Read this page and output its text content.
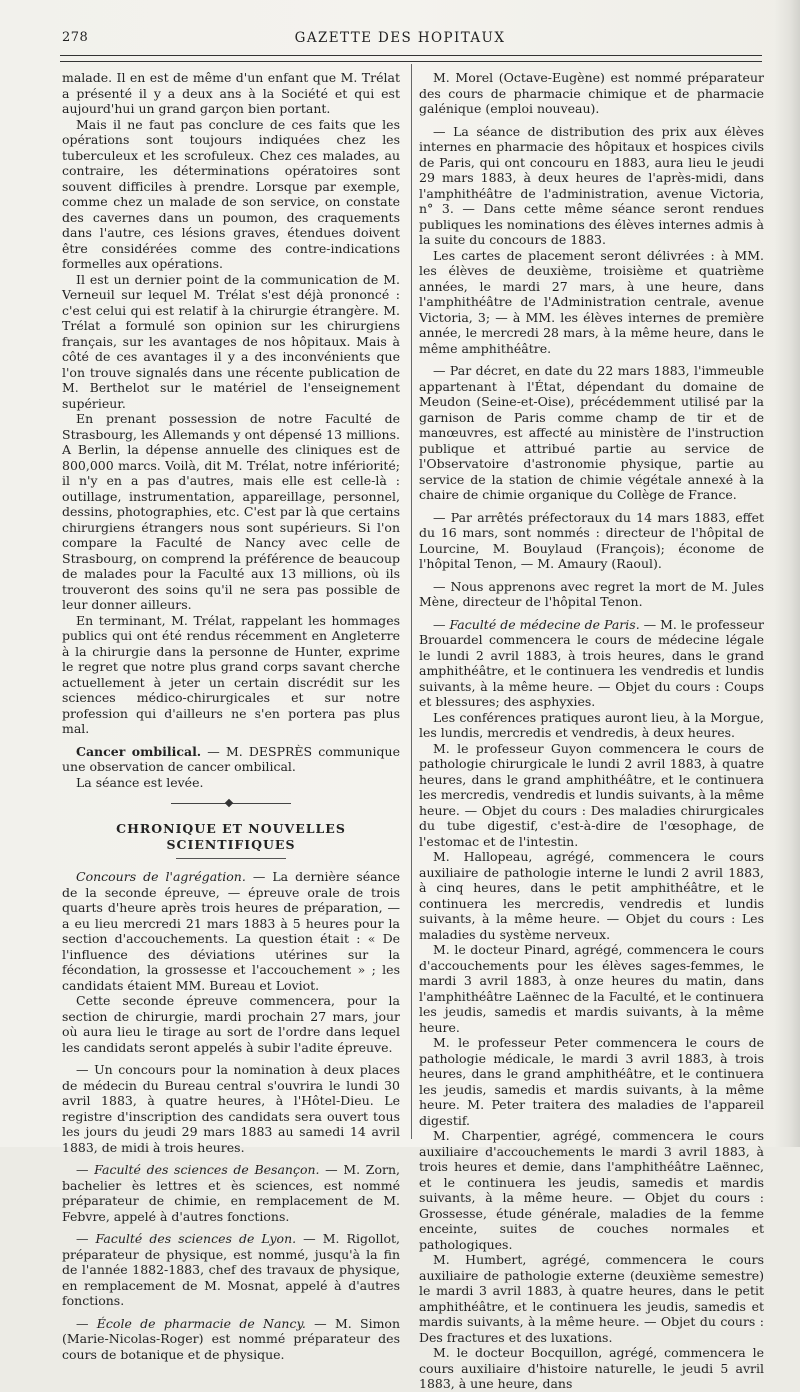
278	GAZETTE DES HOPITAUX

malade. Il en est de même d'un enfant que M. Trélat a présenté il y a deux ans à la Société et qui est aujourd'hui un grand garçon bien portant.

Mais il ne faut pas conclure de ces faits que les opérations sont toujours indiquées chez les tuberculeux et les scrofuleux. Chez ces malades, au contraire, les déterminations opératoires sont souvent difficiles à prendre. Lorsque par exemple, comme chez un malade de son service, on constate des cavernes dans un poumon, des craquements dans l'autre, ces lésions graves, étendues doivent être considérées comme des contre-indications formelles aux opérations.

Il est un dernier point de la communication de M. Verneuil sur lequel M. Trélat s'est déjà prononcé : c'est celui qui est relatif à la chirurgie étrangère. M. Trélat a formulé son opinion sur les chirurgiens français, sur les avantages de nos hôpitaux. Mais à côté de ces avantages il y a des inconvénients que l'on trouve signalés dans une récente publication de M. Berthelot sur le matériel de l'enseignement supérieur.

En prenant possession de notre Faculté de Strasbourg, les Allemands y ont dépensé 13 millions. A Berlin, la dépense annuelle des cliniques est de 800,000 marcs. Voilà, dit M. Trélat, notre infériorité; il n'y en a pas d'autres, mais elle est celle-là : outillage, instrumentation, appareillage, personnel, dessins, photographies, etc. C'est par là que certains chirurgiens étrangers nous sont supérieurs. Si l'on compare la Faculté de Nancy avec celle de Strasbourg, on comprend la préférence de beaucoup de malades pour la Faculté aux 13 millions, où ils trouveront des soins qu'il ne sera pas possible de leur donner ailleurs.

En terminant, M. Trélat, rappelant les hommages publics qui ont été rendus récemment en Angleterre à la chirurgie dans la personne de Hunter, exprime le regret que notre plus grand corps savant cherche actuellement à jeter un certain discrédit sur les sciences médico-chirurgicales et sur notre profession qui d'ailleurs ne s'en portera pas plus mal.

Cancer ombilical. — M. DESPRÈS communique une observation de cancer ombilical.

La séance est levée.

CHRONIQUE ET NOUVELLES SCIENTIFIQUES

Concours de l'agrégation. — La dernière séance de la seconde épreuve, — épreuve orale de trois quarts d'heure après trois heures de préparation, — a eu lieu mercredi 21 mars 1883 à 5 heures pour la section d'accouchements. La question était : « De l'influence des déviations utérines sur la fécondation, la grossesse et l'accouchement » ; les candidats étaient MM. Bureau et Loviot.

Cette seconde épreuve commencera, pour la section de chirurgie, mardi prochain 27 mars, jour où aura lieu le tirage au sort de l'ordre dans lequel les candidats seront appelés à subir l'adite épreuve.

— Un concours pour la nomination à deux places de médecin du Bureau central s'ouvrira le lundi 30 avril 1883, à quatre heures, à l'Hôtel-Dieu. Le registre d'inscription des candidats sera ouvert tous les jours du jeudi 29 mars 1883 au samedi 14 avril 1883, de midi à trois heures.

— Faculté des sciences de Besançon. — M. Zorn, bachelier ès lettres et ès sciences, est nommé préparateur de chimie, en remplacement de M. Febvre, appelé à d'autres fonctions.

— Faculté des sciences de Lyon. — M. Rigollot, préparateur de physique, est nommé, jusqu'à la fin de l'année 1882-1883, chef des travaux de physique, en remplacement de M. Mosnat, appelé à d'autres fonctions.

— École de pharmacie de Nancy. — M. Simon (Marie-Nicolas-Roger) est nommé préparateur des cours de botanique et de physique.

M. Morel (Octave-Eugène) est nommé préparateur des cours de pharmacie chimique et de pharmacie galénique (emploi nouveau).

— La séance de distribution des prix aux élèves internes en pharmacie des hôpitaux et hospices civils de Paris, qui ont concouru en 1883, aura lieu le jeudi 29 mars 1883, à deux heures de l'après-midi, dans l'amphithéâtre de l'administration, avenue Victoria, n° 3. — Dans cette même séance seront rendues publiques les nominations des élèves internes admis à la suite du concours de 1883.

Les cartes de placement seront délivrées : à MM. les élèves de deuxième, troisième et quatrième années, le mardi 27 mars, à une heure, dans l'amphithéâtre de l'Administration centrale, avenue Victoria, 3; — à MM. les élèves internes de première année, le mercredi 28 mars, à la même heure, dans le même amphithéâtre.

— Par décret, en date du 22 mars 1883, l'immeuble appartenant à l'État, dépendant du domaine de Meudon (Seine-et-Oise), précédemment utilisé par la garnison de Paris comme champ de tir et de manœuvres, est affecté au ministère de l'instruction publique et attribué partie au service de l'Observatoire d'astronomie physique, partie au service de la station de chimie végétale annexé à la chaire de chimie organique du Collège de France.

— Par arrêtés préfectoraux du 14 mars 1883, effet du 16 mars, sont nommés : directeur de l'hôpital de Lourcine, M. Bouylaud (François); économe de l'hôpital Tenon, — M. Amaury (Raoul).

— Nous apprenons avec regret la mort de M. Jules Mène, directeur de l'hôpital Tenon.

— Faculté de médecine de Paris. — M. le professeur Brouardel commencera le cours de médecine légale le lundi 2 avril 1883, à trois heures, dans le grand amphithéâtre, et le continuera les vendredis et lundis suivants, à la même heure. — Objet du cours : Coups et blessures; des asphyxies.

Les conférences pratiques auront lieu, à la Morgue, les lundis, mercredis et vendredis, à deux heures.

M. le professeur Guyon commencera le cours de pathologie chirurgicale le lundi 2 avril 1883, à quatre heures, dans le grand amphithéâtre, et le continuera les mercredis, vendredis et lundis suivants, à la même heure. — Objet du cours : Des maladies chirurgicales du tube digestif, c'est-à-dire de l'œsophage, de l'estomac et de l'intestin.

M. Hallopeau, agrégé, commencera le cours auxiliaire de pathologie interne le lundi 2 avril 1883, à cinq heures, dans le petit amphithéâtre, et le continuera les mercredis, vendredis et lundis suivants, à la même heure. — Objet du cours : Les maladies du système nerveux.

M. le docteur Pinard, agrégé, commencera le cours d'accouchements pour les élèves sages-femmes, le mardi 3 avril 1883, à onze heures du matin, dans l'amphithéâtre Laënnec de la Faculté, et le continuera les jeudis, samedis et mardis suivants, à la même heure.

M. le professeur Peter commencera le cours de pathologie médicale, le mardi 3 avril 1883, à trois heures, dans le grand amphithéâtre, et le continuera les jeudis, samedis et mardis suivants, à la même heure. M. Peter traitera des maladies de l'appareil digestif.

M. Charpentier, agrégé, commencera le cours auxiliaire d'accouchements le mardi 3 avril 1883, à trois heures et demie, dans l'amphithéâtre Laënnec, et le continuera les jeudis, samedis et mardis suivants, à la même heure. — Objet du cours : Grossesse, étude générale, maladies de la femme enceinte, suites de couches normales et pathologiques.

M. Humbert, agrégé, commencera le cours auxiliaire de pathologie externe (deuxième semestre) le mardi 3 avril 1883, à quatre heures, dans le petit amphithéâtre, et le continuera les jeudis, samedis et mardis suivants, à la même heure. — Objet du cours : Des fractures et des luxations.

M. le docteur Bocquillon, agrégé, commencera le cours auxiliaire d'histoire naturelle, le jeudi 5 avril 1883, à une heure, dans
